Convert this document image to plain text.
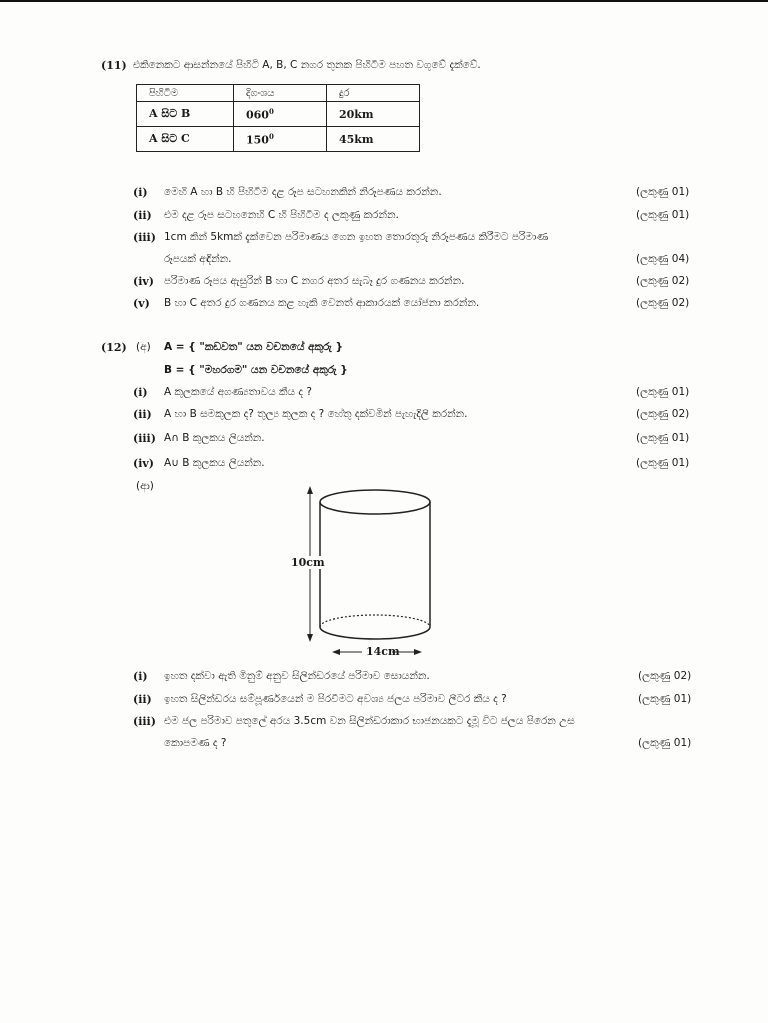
(11) එකිනෙකට ආසන්නයේ පිහිටි A, B, C නගර තුනක පිහිටීම පහත වගුවේ දැක්වේ.
පිහිටීම	දිගංශය	දුර
A සිට B	$060^0$	20km
A සිට C	$150^0$	45km
(i) මෙහි A හා B හි පිහිටීම දළ රූප සටහනකින් නිරූපණය කරන්න.	(ලකුණු 01)
(ii) එම දළ රූප සටහනෙහි C හි පිහිටීම ද ලකුණු කරන්න.	(ලකුණු 01)
(iii) 1cm කින් 5kmක් දැක්වෙන පරිමාණය ගෙන ඉහත තොරතුරු නිරූපණය කිරීමට පරිමාණ
රූපයක් අඳින්න.	(ලකුණු 04)
(iv) පරිමාණ රූපය ඇසුරින් B හා C නගර අතර සැබෑ දුර ගණනය කරන්න.	(ලකුණු 02)
(v) B හා C අතර දුර ගණනය කළ හැකි වෙනත් ආකාරයක් යෝජනා කරන්න.	(ලකුණු 02)
(12) (අ) A = { "කඩවත" යන වචනයේ අකුරු }
B = { "මහරගම" යන වචනයේ අකුරු }
(i) A කුලකයේ අගණ්‍යතාවය කීය ද ?	(ලකුණු 01)
(ii) A හා B සමකුලක ද? තුල්‍ය කුලක ද ? හේතු දක්වමින් පැහැදිලි කරන්න.	(ලකුණු 02)
(iii) A∩ B කුලකය ලියන්න.	(ලකුණු 01)
(iv) A∪ B කුලකය ලියන්න.	(ලකුණු 01)
(ආ)
10cm
14cm
(i) ඉහත දක්වා ඇති මිනුම් අනුව සිලින්ඩරයේ පරිමාව සොයන්න.	(ලකුණු 02)
(ii) ඉහත සිලින්ඩරය සම්පූර්ණයෙන් ම පිරවීමට අවශ්‍ය ජලය පරිමාව ලීටර කීය ද ?	(ලකුණු 01)
(iii) එම ජල පරිමාව පතුලේ අරය 3.5cm වන සිලින්ඩරාකාර භාජනයකට දැමූ විට ජලය පිරෙන උස
කොපමණ ද ?	(ලකුණු 01)
